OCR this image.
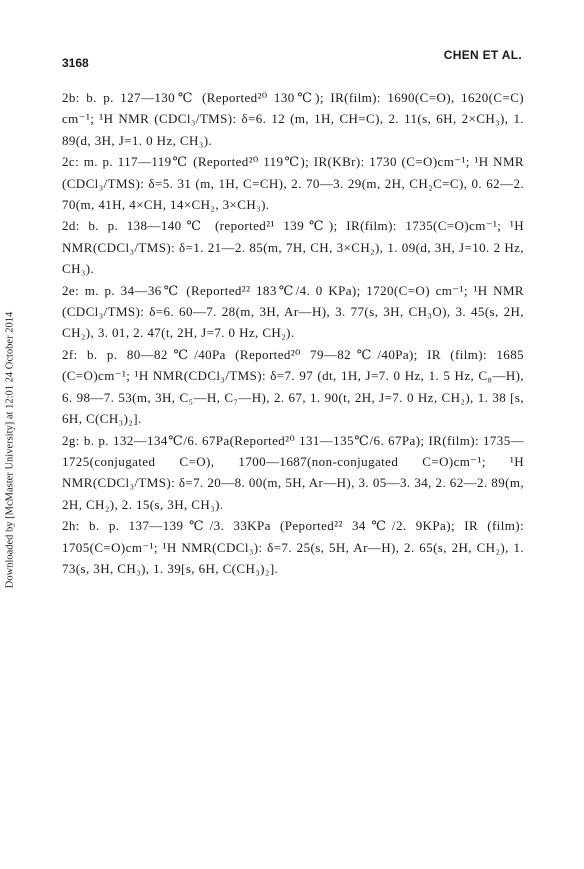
3168
CHEN ET AL.
Downloaded by [McMaster University] at 12:01 24 October 2014

2b: b. p. 127—130℃ (Reported²⁰ 130℃); IR(film): 1690(C=O), 1620(C=C) cm⁻¹; ¹H NMR (CDCl₃/TMS): δ=6. 12 (m, 1H, CH=C), 2. 11(s, 6H, 2×CH₃), 1. 89(d, 3H, J=1. 0 Hz, CH₃).

2c: m. p. 117—119℃ (Reported²⁰ 119℃); IR(KBr): 1730 (C=O)cm⁻¹; ¹H NMR (CDCl₃/TMS): δ=5. 31 (m, 1H, C=CH), 2. 70—3. 29(m, 2H, CH₂C=C), 0. 62—2. 70(m, 41H, 4×CH, 14×CH₂, 3×CH₃).

2d: b. p. 138—140℃ (reported²¹ 139℃); IR(film): 1735(C=O)cm⁻¹; ¹H NMR(CDCl₃/TMS): δ=1. 21—2. 85(m, 7H, CH, 3×CH₂), 1. 09(d, 3H, J=10. 2 Hz, CH₃).

2e: m. p. 34—36℃ (Reported²² 183℃/4. 0 KPa); 1720(C=O) cm⁻¹; ¹H NMR (CDCl₃/TMS): δ=6. 60—7. 28(m, 3H, Ar—H), 3. 77(s, 3H, CH₃O), 3. 45(s, 2H, CH₂), 3. 01, 2. 47(t, 2H, J=7. 0 Hz, CH₂).

2f: b. p. 80—82℃/40Pa (Reported²⁰ 79—82℃/40Pa); IR (film): 1685 (C=O)cm⁻¹; ¹H NMR(CDCl₃/TMS): δ=7. 97 (dt, 1H, J=7. 0 Hz, 1. 5 Hz, C₈—H), 6. 98—7. 53(m, 3H, C₅—H, C₇—H), 2. 67, 1. 90(t, 2H, J=7. 0 Hz, CH₂), 1. 38 [s, 6H, C(CH₃)₂].

2g: b. p. 132—134℃/6. 67Pa(Reported²⁰ 131—135℃/6. 67Pa); IR(film): 1735—1725(conjugated C=O), 1700—1687(non-conjugated C=O)cm⁻¹; ¹H NMR(CDCl₃/TMS): δ=7. 20—8. 00(m, 5H, Ar—H), 3. 05—3. 34, 2. 62—2. 89(m, 2H, CH₂), 2. 15(s, 3H, CH₃).

2h: b. p. 137—139℃/3. 33KPa (Peported²² 34℃/2. 9KPa); IR (film): 1705(C=O)cm⁻¹; ¹H NMR(CDCl₃): δ=7. 25(s, 5H, Ar—H), 2. 65(s, 2H, CH₂), 1. 73(s, 3H, CH₃), 1. 39[s, 6H, C(CH₃)₂].
